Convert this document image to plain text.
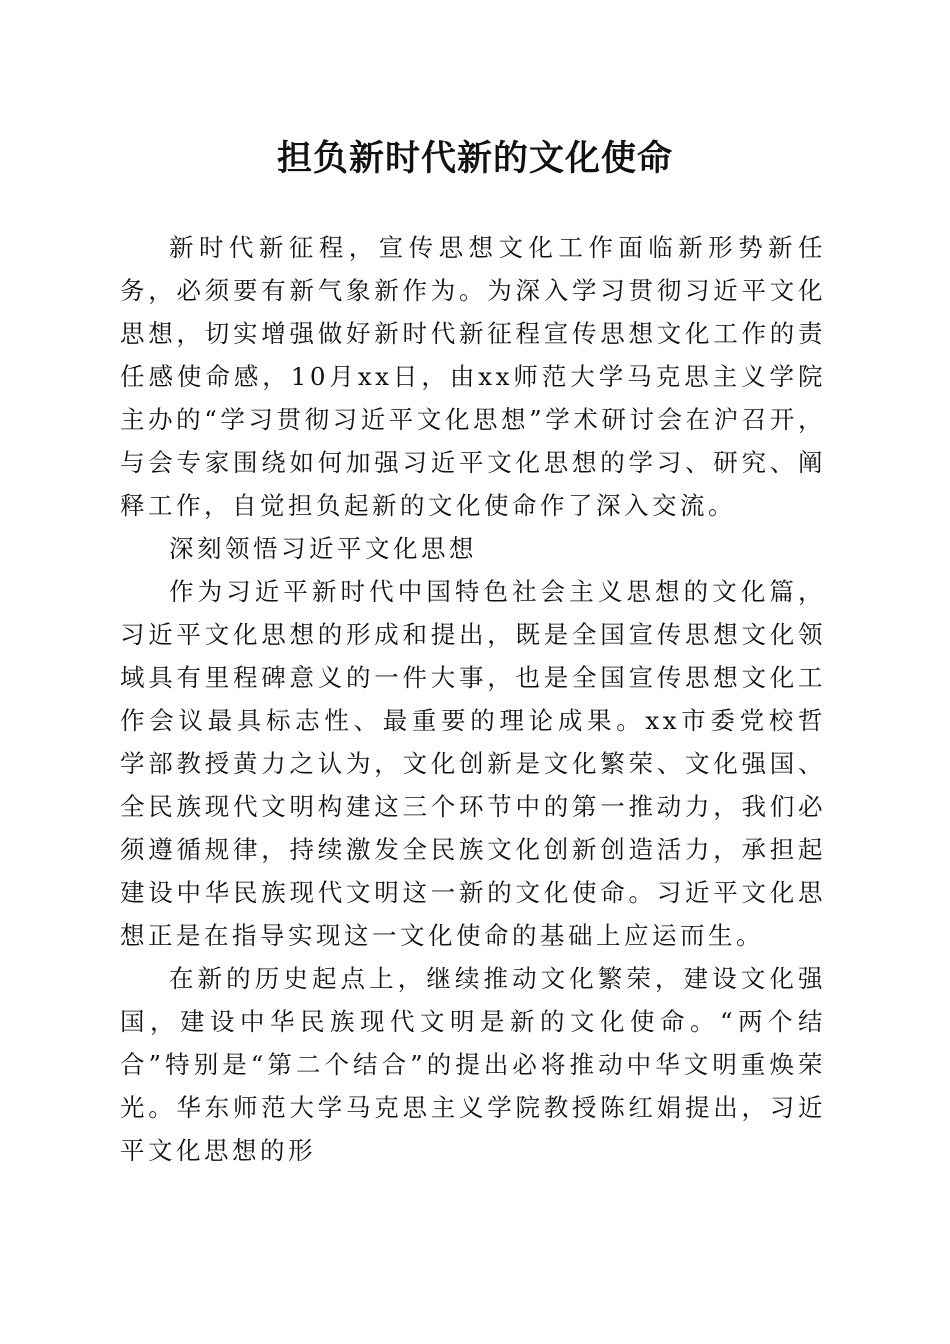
担负新时代新的文化使命

新时代新征程，宣传思想文化工作面临新形势新任务，必须要有新气象新作为。为深入学习贯彻习近平文化思想，切实增强做好新时代新征程宣传思想文化工作的责任感使命感，10月xx日，由xx师范大学马克思主义学院主办的“学习贯彻习近平文化思想”学术研讨会在沪召开，与会专家围绕如何加强习近平文化思想的学习、研究、阐释工作，自觉担负起新的文化使命作了深入交流。

深刻领悟习近平文化思想

作为习近平新时代中国特色社会主义思想的文化篇，习近平文化思想的形成和提出，既是全国宣传思想文化领域具有里程碑意义的一件大事，也是全国宣传思想文化工作会议最具标志性、最重要的理论成果。xx市委党校哲学部教授黄力之认为，文化创新是文化繁荣、文化强国、全民族现代文明构建这三个环节中的第一推动力，我们必须遵循规律，持续激发全民族文化创新创造活力，承担起建设中华民族现代文明这一新的文化使命。习近平文化思想正是在指导实现这一文化使命的基础上应运而生。

在新的历史起点上，继续推动文化繁荣，建设文化强国，建设中华民族现代文明是新的文化使命。“两个结合”特别是“第二个结合”的提出必将推动中华文明重焕荣光。华东师范大学马克思主义学院教授陈红娟提出，习近平文化思想的形
